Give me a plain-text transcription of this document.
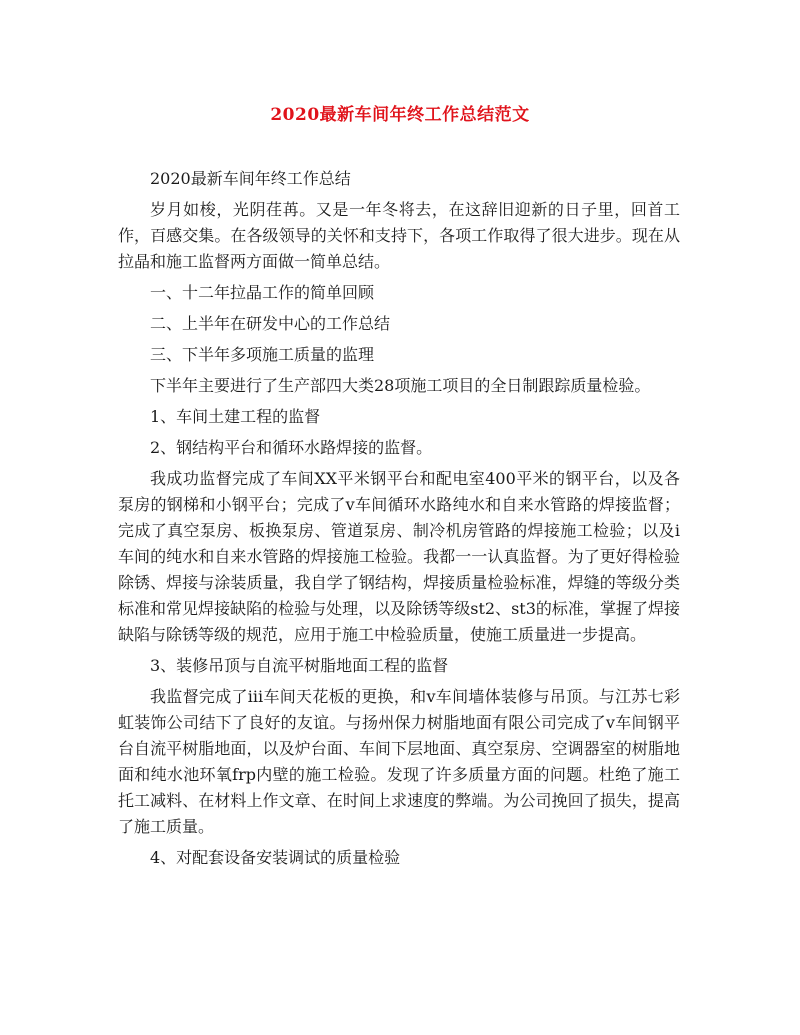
2020最新车间年终工作总结范文

2020最新车间年终工作总结

岁月如梭，光阴荏苒。又是一年冬将去，在这辞旧迎新的日子里，回首工作，百感交集。在各级领导的关怀和支持下，各项工作取得了很大进步。现在从拉晶和施工监督两方面做一简单总结。

一、十二年拉晶工作的简单回顾

二、上半年在研发中心的工作总结

三、下半年多项施工质量的监理

下半年主要进行了生产部四大类28项施工项目的全日制跟踪质量检验。

1、车间土建工程的监督

2、钢结构平台和循环水路焊接的监督。

我成功监督完成了车间XX平米钢平台和配电室400平米的钢平台，以及各泵房的钢梯和小钢平台；完成了v车间循环水路纯水和自来水管路的焊接监督；完成了真空泵房、板换泵房、管道泵房、制冷机房管路的焊接施工检验；以及i车间的纯水和自来水管路的焊接施工检验。我都一一认真监督。为了更好得检验除锈、焊接与涂装质量，我自学了钢结构，焊接质量检验标准，焊缝的等级分类标准和常见焊接缺陷的检验与处理，以及除锈等级st2、st3的标准，掌握了焊接缺陷与除锈等级的规范，应用于施工中检验质量，使施工质量进一步提高。

3、装修吊顶与自流平树脂地面工程的监督

我监督完成了iii车间天花板的更换，和v车间墙体装修与吊顶。与江苏七彩虹装饰公司结下了良好的友谊。与扬州保力树脂地面有限公司完成了v车间钢平台自流平树脂地面，以及炉台面、车间下层地面、真空泵房、空调器室的树脂地面和纯水池环氧frp内壁的施工检验。发现了许多质量方面的问题。杜绝了施工托工减料、在材料上作文章、在时间上求速度的弊端。为公司挽回了损失，提高了施工质量。

4、对配套设备安装调试的质量检验
